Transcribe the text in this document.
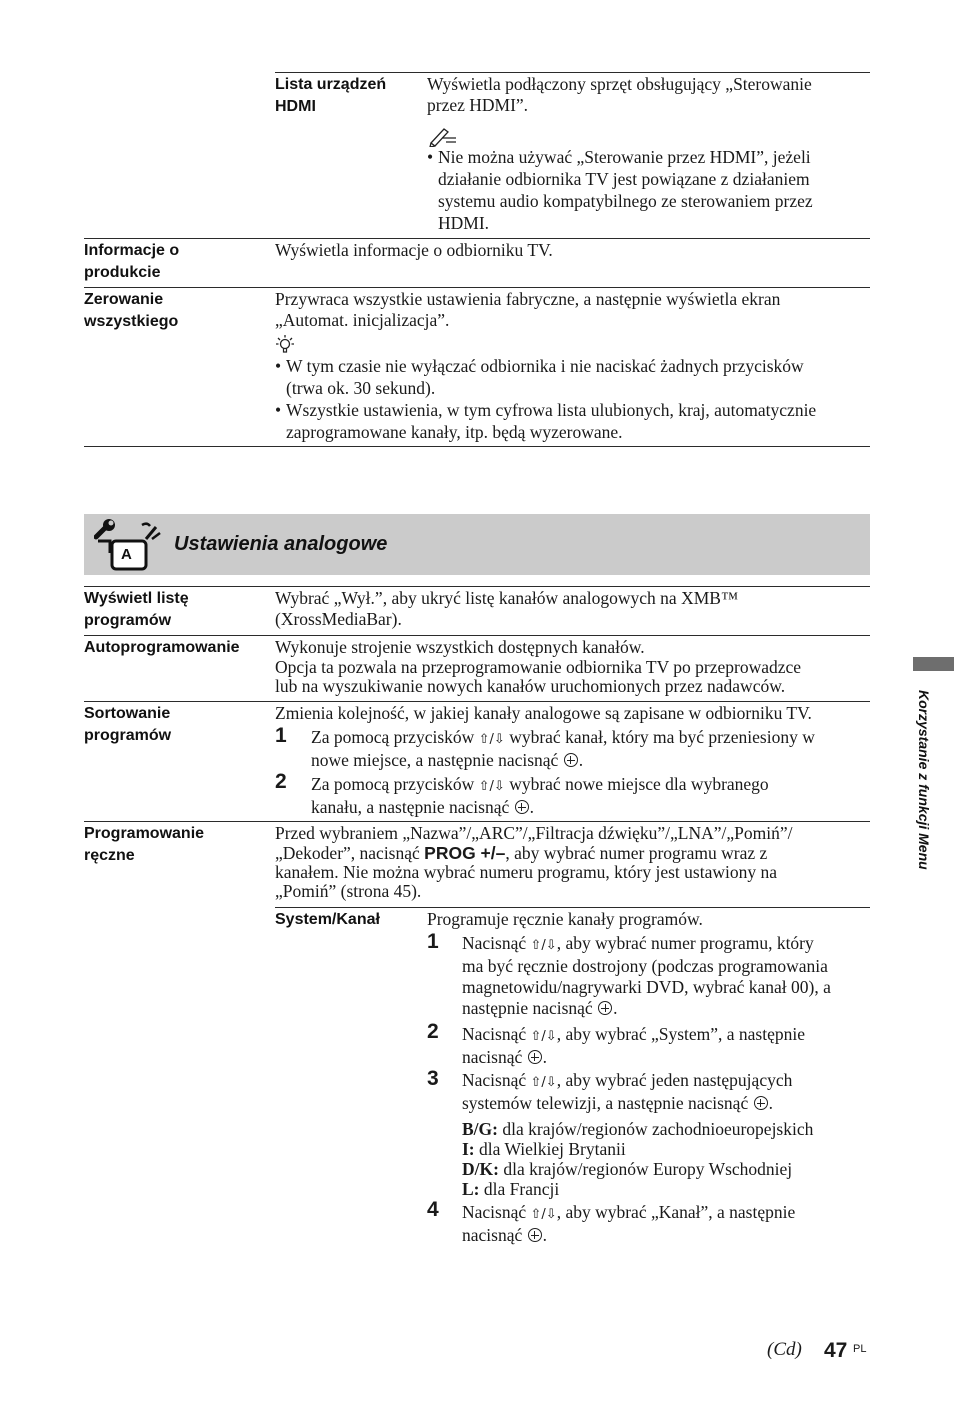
Lista urządzeń
HDMI
Wyświetla podłączony sprzęt obsługujący „Sterowanie
przez HDMI”.
• Nie można używać „Sterowanie przez HDMI”, jeżeli
działanie odbiornika TV jest powiązane z działaniem
systemu audio kompatybilnego ze sterowaniem przez
HDMI.
Informacje o
produkcie
Wyświetla informacje o odbiorniku TV.
Zerowanie
wszystkiego
Przywraca wszystkie ustawienia fabryczne, a następnie wyświetla ekran
„Automat. inicjalizacja”.
• W tym czasie nie wyłączać odbiornika i nie naciskać żadnych przycisków
(trwa ok. 30 sekund).
• Wszystkie ustawienia, w tym cyfrowa lista ulubionych, kraj, automatycznie
zaprogramowane kanały, itp. będą wyzerowane.
A Ustawienia analogowe
Wyświetl listę
programów
Wybrać „Wył.”, aby ukryć listę kanałów analogowych na XMB™
(XrossMediaBar).
Autoprogramowanie Wykonuje strojenie wszystkich dostępnych kanałów.
Opcja ta pozwala na przeprogramowanie odbiornika TV po przeprowadzce
lub na wyszukiwanie nowych kanałów uruchomionych przez nadawców.
Sortowanie
programów
Zmienia kolejność, w jakiej kanały analogowe są zapisane w odbiorniku TV.
1 Za pomocą przycisków ⇧/⇩ wybrać kanał, który ma być przeniesiony w
nowe miejsce, a następnie nacisnąć .
2 Za pomocą przycisków ⇧/⇩ wybrać nowe miejsce dla wybranego
kanału, a następnie nacisnąć .
Programowanie
ręczne
Przed wybraniem „Nazwa”/„ARC”/„Filtracja dźwięku”/„LNA”/„Pomiń”/
„Dekoder”, nacisnąć PROG +/–, aby wybrać numer programu wraz z
kanałem. Nie można wybrać numeru programu, który jest ustawiony na
„Pomiń” (strona 45).
System/Kanał	Programuje ręcznie kanały programów.
1 Nacisnąć ⇧/⇩, aby wybrać numer programu, który
ma być ręcznie dostrojony (podczas programowania
magnetowidu/nagrywarki DVD, wybrać kanał 00), a
następnie nacisnąć .
2 Nacisnąć ⇧/⇩, aby wybrać „System”, a następnie
nacisnąć .
3 Nacisnąć ⇧/⇩, aby wybrać jeden następujących
systemów telewizji, a następnie nacisnąć .
B/G: dla krajów/regionów zachodnioeuropejskich
I: dla Wielkiej Brytanii
D/K: dla krajów/regionów Europy Wschodniej
L: dla Francji
4 Nacisnąć ⇧/⇩, aby wybrać „Kanał”, a następnie
nacisnąć .
Korzystanie z funkcji Menu
(Cd) 47 PL
